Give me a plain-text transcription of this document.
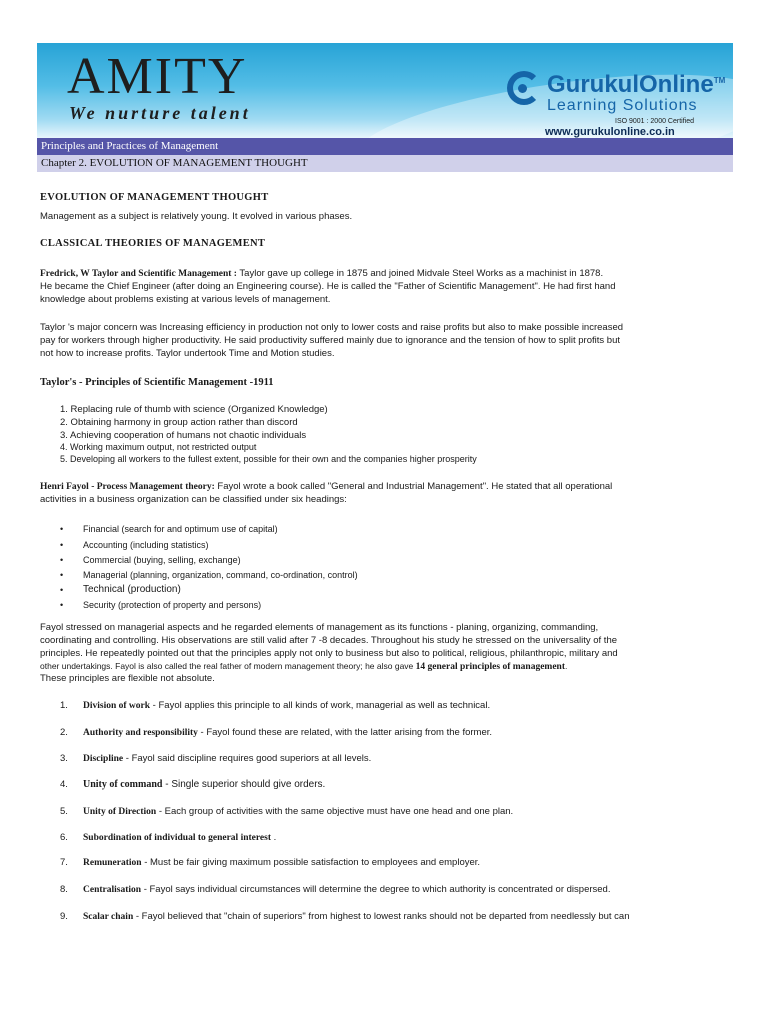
AMITY
We nurture talent
GurukulOnline™
Learning Solutions
ISO 9001 : 2000 Certified
www.gurukulonline.co.in
Principles and Practices of Management
Chapter 2. EVOLUTION OF MANAGEMENT THOUGHT
EVOLUTION OF MANAGEMENT THOUGHT
Management as a subject is relatively young. It evolved in various phases.
CLASSICAL THEORIES OF MANAGEMENT
Fredrick, W Taylor and Scientific Management : Taylor gave up college in 1875 and joined Midvale Steel Works as a machinist in 1878.
He became the Chief Engineer (after doing an Engineering course). He is called the "Father of Scientific Management". He had first hand
knowledge about problems existing at various levels of management.
Taylor 's major concern was Increasing efficiency in production not only to lower costs and raise profits but also to make possible increased
pay for workers through higher productivity. He said productivity suffered mainly due to ignorance and the tension of how to split profits but
not how to increase profits. Taylor undertook Time and Motion studies.
Taylor's - Principles of Scientific Management -1911
1. Replacing rule of thumb with science (Organized Knowledge)
2. Obtaining harmony in group action rather than discord
3. Achieving cooperation of humans not chaotic individuals
4. Working maximum output, not restricted output
5. Developing all workers to the fullest extent, possible for their own and the companies higher prosperity
Henri Fayol - Process Management theory: Fayol wrote a book called "General and Industrial Management". He stated that all operational
activities in a business organization can be classified under six headings:
• Financial (search for and optimum use of capital)
• Accounting (including statistics)
• Commercial (buying, selling, exchange)
• Managerial (planning, organization, command, co-ordination, control)
• Technical (production)
• Security (protection of property and persons)
Fayol stressed on managerial aspects and he regarded elements of management as its functions - planing, organizing, commanding,
coordinating and controlling. His observations are still valid after 7 -8 decades. Throughout his study he stressed on the universality of the
principles. He repeatedly pointed out that the principles apply not only to business but also to political, religious, philanthropic, military and
other undertakings. Fayol is also called the real father of modern management theory; he also gave 14 general principles of management.
These principles are flexible not absolute.
1. Division of work - Fayol applies this principle to all kinds of work, managerial as well as technical.
2. Authority and responsibility - Fayol found these are related, with the latter arising from the former.
3. Discipline - Fayol said discipline requires good superiors at all levels.
4. Unity of command - Single superior should give orders.
5. Unity of Direction - Each group of activities with the same objective must have one head and one plan.
6. Subordination of individual to general interest .
7. Remuneration - Must be fair giving maximum possible satisfaction to employees and employer.
8. Centralisation - Fayol says individual circumstances will determine the degree to which authority is concentrated or dispersed.
9. Scalar chain - Fayol believed that "chain of superiors" from highest to lowest ranks should not be departed from needlessly but can
